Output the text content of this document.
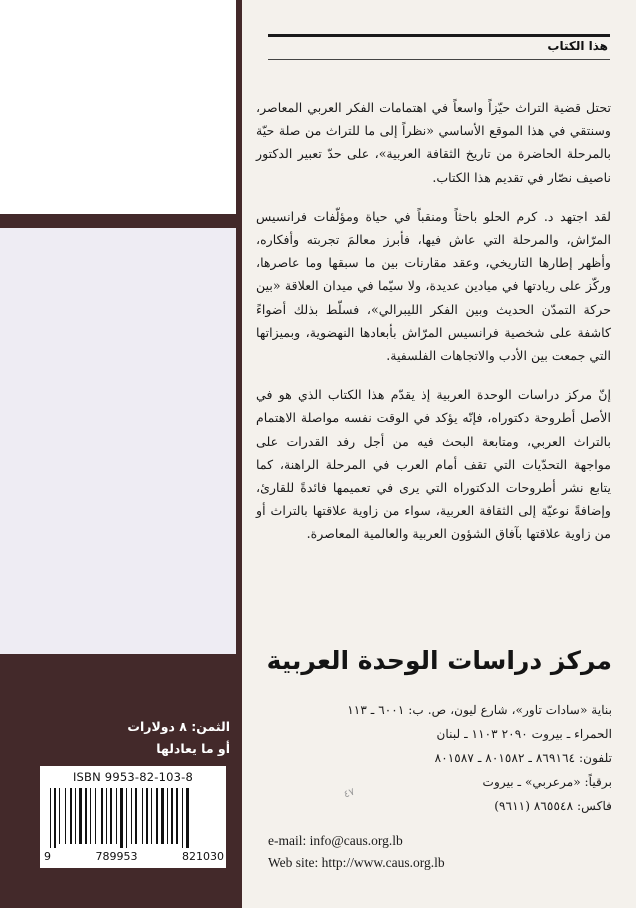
الثمن: ٨ دولارات
أو ما يعادلها
ISBN 9953-82-103-8
9	789953	821030
هذا الكتاب

تحتل قضية التراث حيّزاً واسعاً في اهتمامات الفكر العربي المعاصر، وسنتقي في هذا الموقع الأساسي «نظراً إلى ما للتراث من صلة حيّة بالمرحلة الحاضرة من تاريخ الثقافة العربية»، على حدّ تعبير الدكتور ناصيف نصّار في تقديم هذا الكتاب.

لقد اجتهد د. كرم الحلو باحثاً ومنقباً في حياة ومؤلّفات فرانسيس المرّاش، والمرحلة التي عاش فيها، فأبرز معالمَ تجربته وأفكاره، وأظهر إطارها التاريخي، وعقد مقارنات بين ما سبقها وما عاصرها، وركّز على ريادتها في ميادين عديدة، ولا سيّما في ميدان العلاقة «بين حركة التمدّن الحديث وبين الفكر الليبرالي»، فسلّط بذلك أضواءً كاشفة على شخصية فرانسيس المرّاش بأبعادها النهضوية، وبميزاتها التي جمعت بين الأدب والاتجاهات الفلسفية.

إنّ مركز دراسات الوحدة العربية إذ يقدّم هذا الكتاب الذي هو في الأصل أطروحة دكتوراه، فإنّه يؤكد في الوقت نفسه مواصلة الاهتمام بالتراث العربي، ومتابعة البحث فيه من أجل رفد القدرات على مواجهة التحدّيات التي تقف أمام العرب في المرحلة الراهنة، كما يتابع نشر أطروحات الدكتوراه التي يرى في تعميمها فائدةً للقارئ، وإضافةً نوعيّة إلى الثقافة العربية، سواء من زاوية علاقتها بالتراث أو من زاوية علاقتها بآفاق الشؤون العربية والعالمية المعاصرة.

مركز دراسات الوحدة العربية
بناية «سادات تاور»، شارع ليون، ص. ب: ٦٠٠١ ـ ١١٣
الحمراء ـ بيروت ٢٠٩٠ ١١٠٣ ـ لبنان
تلفون: ٨٦٩١٦٤ ـ ٨٠١٥٨٢ ـ ٨٠١٥٨٧
برقياً: «مرعربي» ـ بيروت
فاكس: ٨٦٥٥٤٨ (٩٦١١)
٤٧
e-mail: info@caus.org.lb
Web site: http://www.caus.org.lb
